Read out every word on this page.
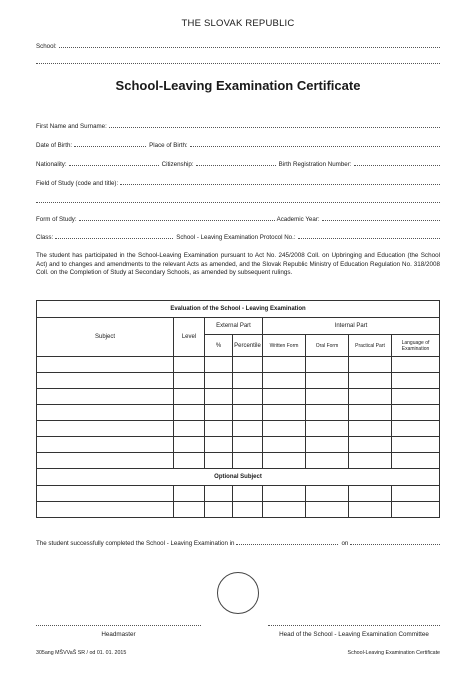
THE SLOVAK REPUBLIC
School:
School-Leaving Examination Certificate
First Name and Surname:
Date of Birth:	Place of Birth:
Nationality:	Citizenship:	Birth Registration Number:
Field of Study (code and title):
Form of Study:	Academic Year:
Class:	School - Leaving Examination Protocol No.:
The student has participated in the School-Leaving Examination pursuant to Act No. 245/2008 Coll. on Upbringing and Education (the School Act) and to changes and amendments to the relevant Acts as amended, and the Slovak Republic Ministry of Education Regulation No. 318/2008 Coll. on the Completion of Study at Secondary Schools, as amended by subsequent rulings.
Evaluation of the School - Leaving Examination							
Subject	Level	External Part		Internal Part			
		%	Percentile	Written Form	Oral Form	Practical Part	Language of Examination

Optional Subject							

The student successfully completed the School - Leaving Examination in	on
Headmaster	Head of the School - Leaving Examination Committee
305ang MŠVVaŠ SR / od 01. 01. 2015	School-Leaving Examination Certificate
